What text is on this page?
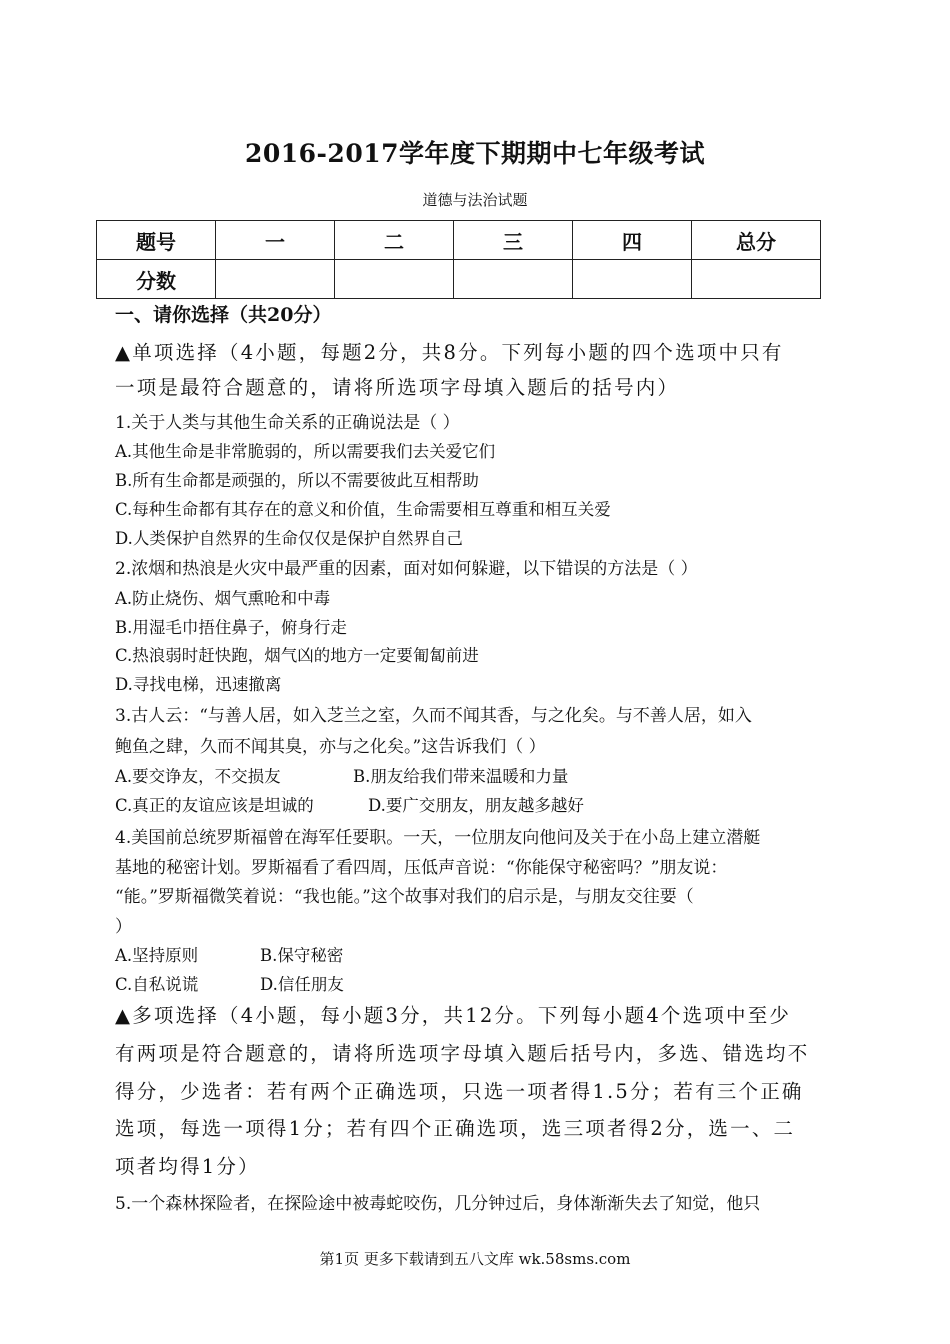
2016-2017学年度下期期中七年级考试
道德与法治试题
题号	一	二	三	四	总分
分数					
一、请你选择（共20分）
▲单项选择（4小题，每题2分，共8分。下列每小题的四个选项中只有
一项是最符合题意的，请将所选项字母填入题后的括号内）
1.关于人类与其他生命关系的正确说法是（ ）
A.其他生命是非常脆弱的，所以需要我们去关爱它们
B.所有生命都是顽强的，所以不需要彼此互相帮助
C.每种生命都有其存在的意义和价值，生命需要相互尊重和相互关爱
D.人类保护自然界的生命仅仅是保护自然界自己
2.浓烟和热浪是火灾中最严重的因素，面对如何躲避，以下错误的方法是（ ）
A.防止烧伤、烟气熏呛和中毒
B.用湿毛巾捂住鼻子，俯身行走
C.热浪弱时赶快跑，烟气凶的地方一定要匍匐前进
D.寻找电梯，迅速撤离
3.古人云：“与善人居，如入芝兰之室，久而不闻其香，与之化矣。与不善人居，如入
鲍鱼之肆，久而不闻其臭，亦与之化矣。”这告诉我们（ ）
A.要交诤友，不交损友	B.朋友给我们带来温暖和力量
C.真正的友谊应该是坦诚的	D.要广交朋友，朋友越多越好
4.美国前总统罗斯福曾在海军任要职。一天，一位朋友向他问及关于在小岛上建立潜艇
基地的秘密计划。罗斯福看了看四周，压低声音说：“你能保守秘密吗？”朋友说：
“能。”罗斯福微笑着说：“我也能。”这个故事对我们的启示是，与朋友交往要（
）
A.坚持原则	B.保守秘密
C.自私说谎	D.信任朋友
▲多项选择（4小题，每小题3分，共12分。下列每小题4个选项中至少
有两项是符合题意的，请将所选项字母填入题后括号内，多选、错选均不
得分，少选者：若有两个正确选项，只选一项者得1.5分；若有三个正确
选项，每选一项得1分；若有四个正确选项，选三项者得2分，选一、二
项者均得1分）
5.一个森林探险者，在探险途中被毒蛇咬伤，几分钟过后，身体渐渐失去了知觉，他只
第1页 更多下载请到五八文库 wk.58sms.com
